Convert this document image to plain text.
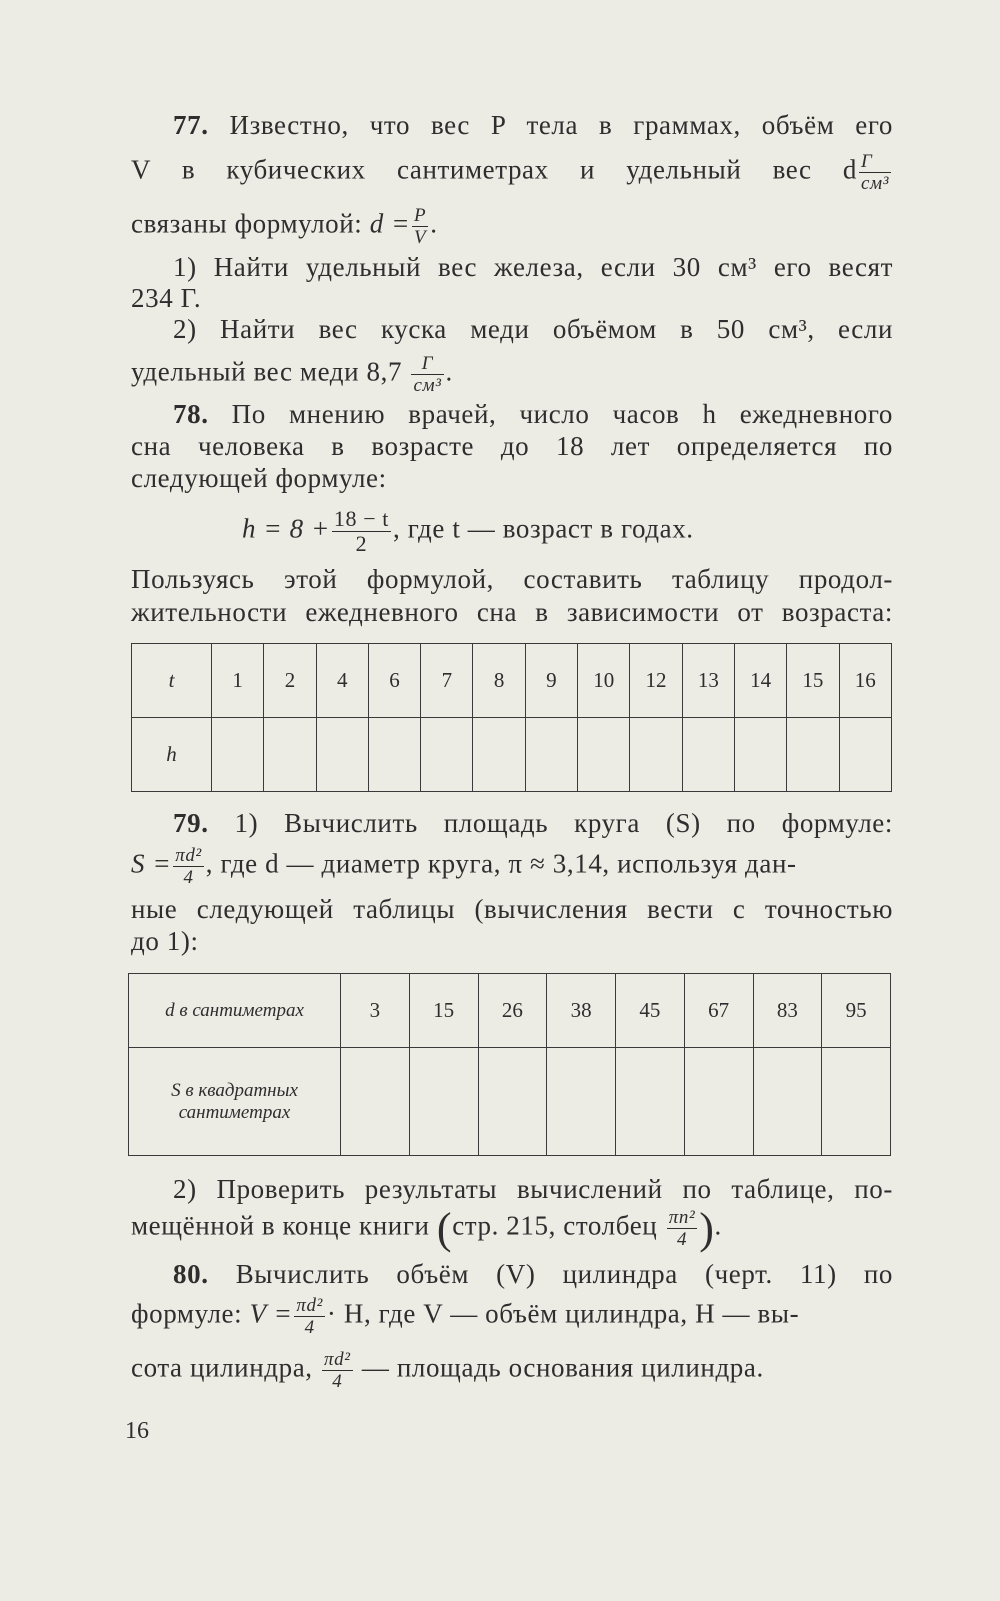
77. Известно, что вес P тела в граммах, объём его
V в кубических сантиметрах и удельный вес d $\frac{Г}{\text{см³}}$
связаны формулой: $d = \frac{P}{V}$ .
1) Найти удельный вес железа, если 30 см³ его весят
234 Г.
2) Найти вес куска меди объёмом в 50 см³, если
удельный вес меди $8,7 \frac{Г}{\text{см³}}$ .
78. По мнению врачей, число часов h ежедневного
сна человека в возрасте до 18 лет определяется по
следующей формуле:
$h = 8 + \frac{18 - t}{2}$ , где t — возраст в годах.
Пользуясь этой формулой, составить таблицу продол-
жительности ежедневного сна в зависимости от возраста:
t	1	2	4	6	7	8	9	10	12	13	14	15	16
h													
79. 1) Вычислить площадь круга (S) по формуле:
$S = \frac{\text{πd²}}{4}$ , где d — диаметр круга, π ≈ 3,14, используя дан-
ные следующей таблицы (вычисления вести с точностью
до 1):
d в сантиметрах	3	15	26	38	45	67	83	95
S в квадратных сантиметрах								
2) Проверить результаты вычислений по таблице, по-
мещённой в конце книги (стр. 215, столбец $\frac{\text{πn²}}{4}$ ).
80. Вычислить объём (V) цилиндра (черт. 11) по
формуле: $V = \frac{\text{πd²}}{4} \cdot H$, где V — объём цилиндра, H — вы-
сота цилиндра, $\frac{\text{πd²}}{4}$ — площадь основания цилиндра.
16
